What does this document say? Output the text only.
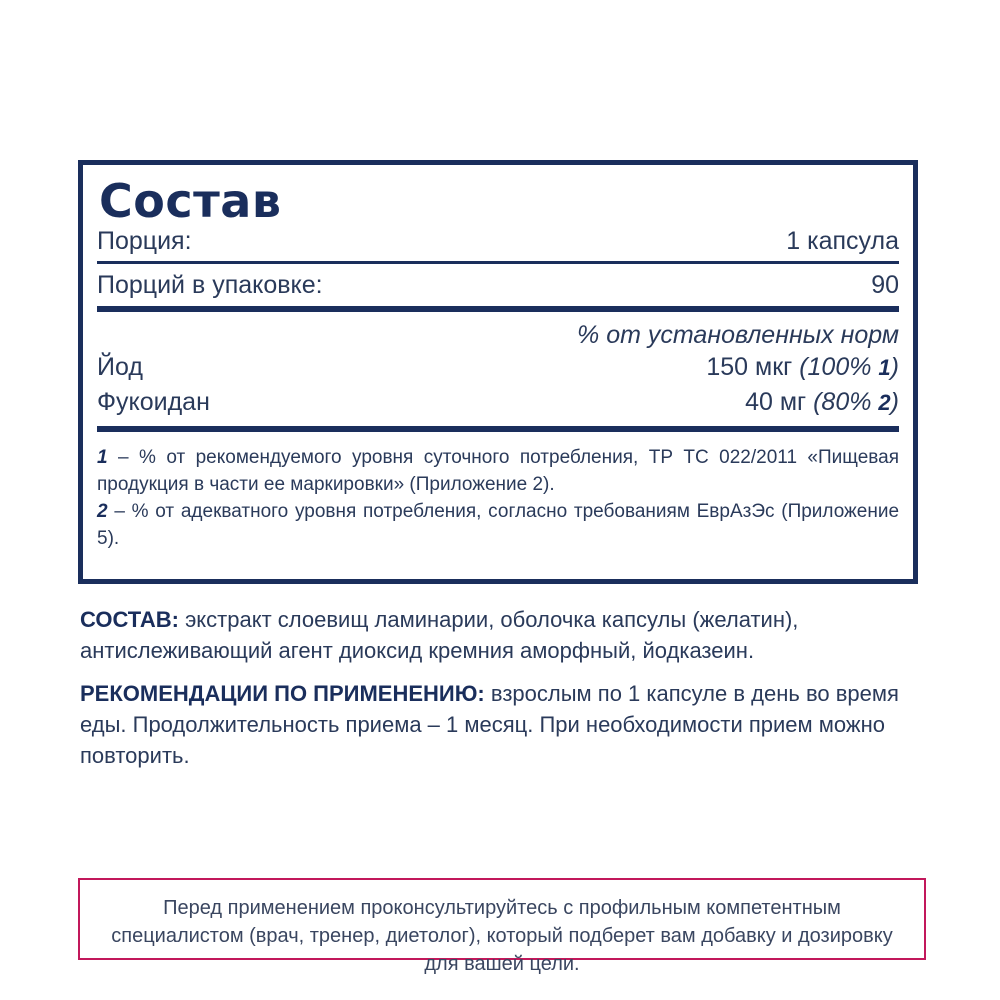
Состав
Порция:	1 капсула
Порций в упаковке:	90
% от установленных норм
Йод	150 мкг (100% 1)
Фукоидан	40 мг (80% 2)
1 – % от рекомендуемого уровня суточного потребления, ТР ТС 022/2011 «Пищевая продукция в части ее маркировки» (Приложение 2).
2 – % от адекватного уровня потребления, согласно требованиям ЕврАзЭс (Приложение 5).
СОСТАВ: экстракт слоевищ ламинарии, оболочка капсулы (желатин), антислеживающий агент диоксид кремния аморфный, йодказеин.
РЕКОМЕНДАЦИИ ПО ПРИМЕНЕНИЮ: взрослым по 1 капсуле в день во время еды. Продолжительность приема – 1 месяц. При необходимости прием можно повторить.
Перед применением проконсультируйтесь с профильным компетентным специалистом (врач, тренер, диетолог), который подберет вам добавку и дозировку для вашей цели.
